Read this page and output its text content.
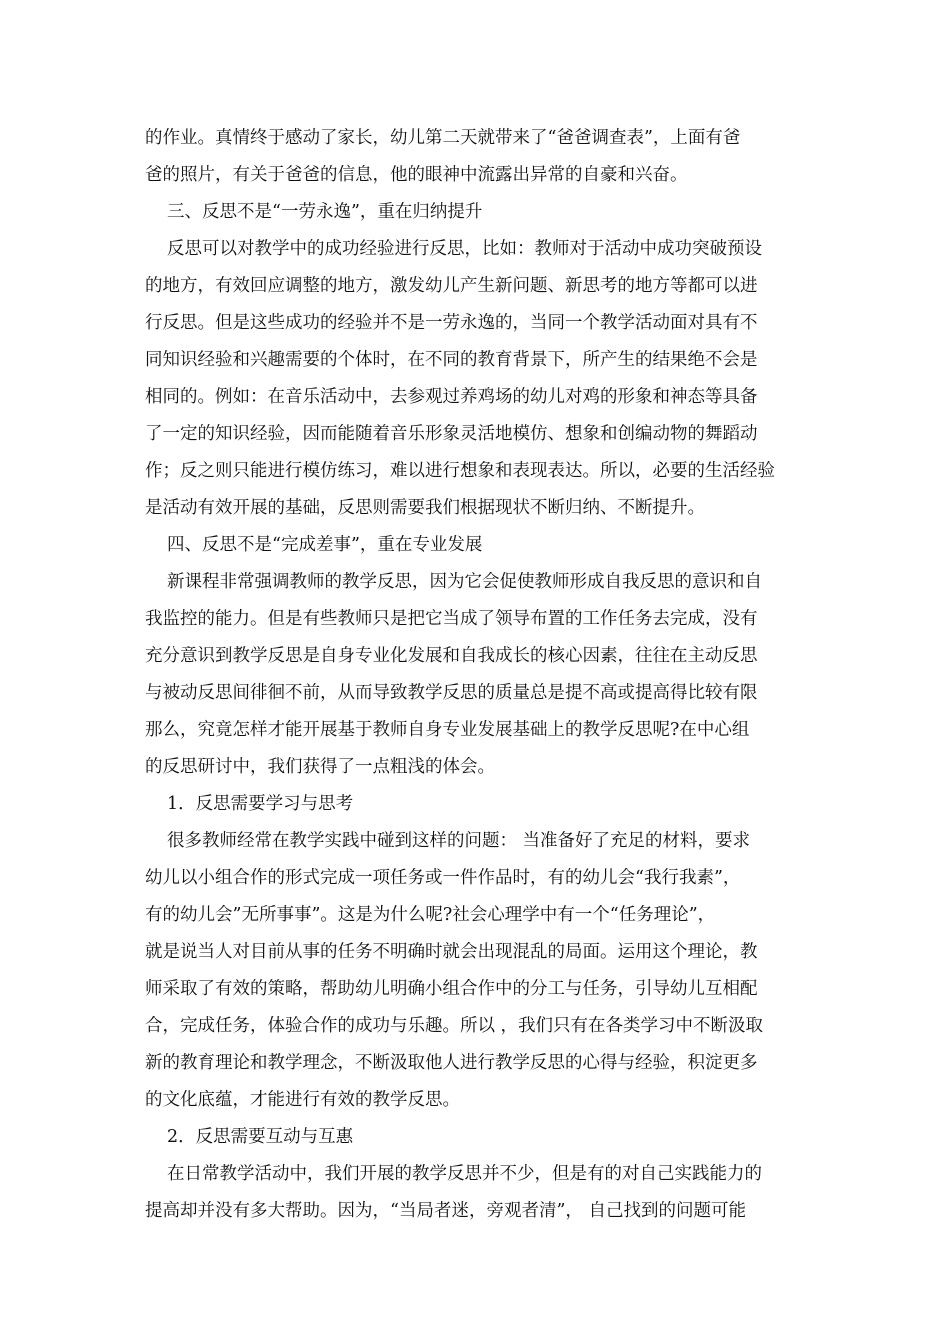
的作业。真情终于感动了家长，幼儿第二天就带来了“爸爸调查表”，上面有爸
爸的照片，有关于爸爸的信息，他的眼神中流露出异常的自豪和兴奋。
三、反思不是“一劳永逸”，重在归纳提升
反思可以对教学中的成功经验进行反思，比如：教师对于活动中成功突破预设
的地方，有效回应调整的地方，激发幼儿产生新问题、新思考的地方等都可以进
行反思。但是这些成功的经验并不是一劳永逸的，当同一个教学活动面对具有不
同知识经验和兴趣需要的个体时，在不同的教育背景下，所产生的结果绝不会是
相同的。例如：在音乐活动中，去参观过养鸡场的幼儿对鸡的形象和神态等具备
了一定的知识经验，因而能随着音乐形象灵活地模仿、想象和创编动物的舞蹈动
作；反之则只能进行模仿练习，难以进行想象和表现表达。所以，必要的生活经验
是活动有效开展的基础，反思则需要我们根据现状不断归纳、不断提升。
四、反思不是“完成差事”，重在专业发展
新课程非常强调教师的教学反思，因为它会促使教师形成自我反思的意识和自
我监控的能力。但是有些教师只是把它当成了领导布置的工作任务去完成，没有
充分意识到教学反思是自身专业化发展和自我成长的核心因素，往往在主动反思
与被动反思间徘徊不前，从而导致教学反思的质量总是提不高或提高得比较有限
那么，究竟怎样才能开展基于教师自身专业发展基础上的教学反思呢?在中心组
的反思研讨中，我们获得了一点粗浅的体会。
1．反思需要学习与思考
很多教师经常在教学实践中碰到这样的问题： 当准备好了充足的材料，要求
幼儿以小组合作的形式完成一项任务或一件作品时，有的幼儿会“我行我素”，
有的幼儿会”无所事事”。这是为什么呢?社会心理学中有一个“任务理论”，
就是说当人对目前从事的任务不明确时就会出现混乱的局面。运用这个理论，教
师采取了有效的策略，帮助幼儿明确小组合作中的分工与任务，引导幼儿互相配
合，完成任务，体验合作的成功与乐趣。所以 ，我们只有在各类学习中不断汲取
新的教育理论和教学理念，不断汲取他人进行教学反思的心得与经验，积淀更多
的文化底蕴，才能进行有效的教学反思。
2．反思需要互动与互惠
在日常教学活动中，我们开展的教学反思并不少，但是有的对自己实践能力的
提高却并没有多大帮助。因为，“当局者迷，旁观者清”， 自己找到的问题可能
